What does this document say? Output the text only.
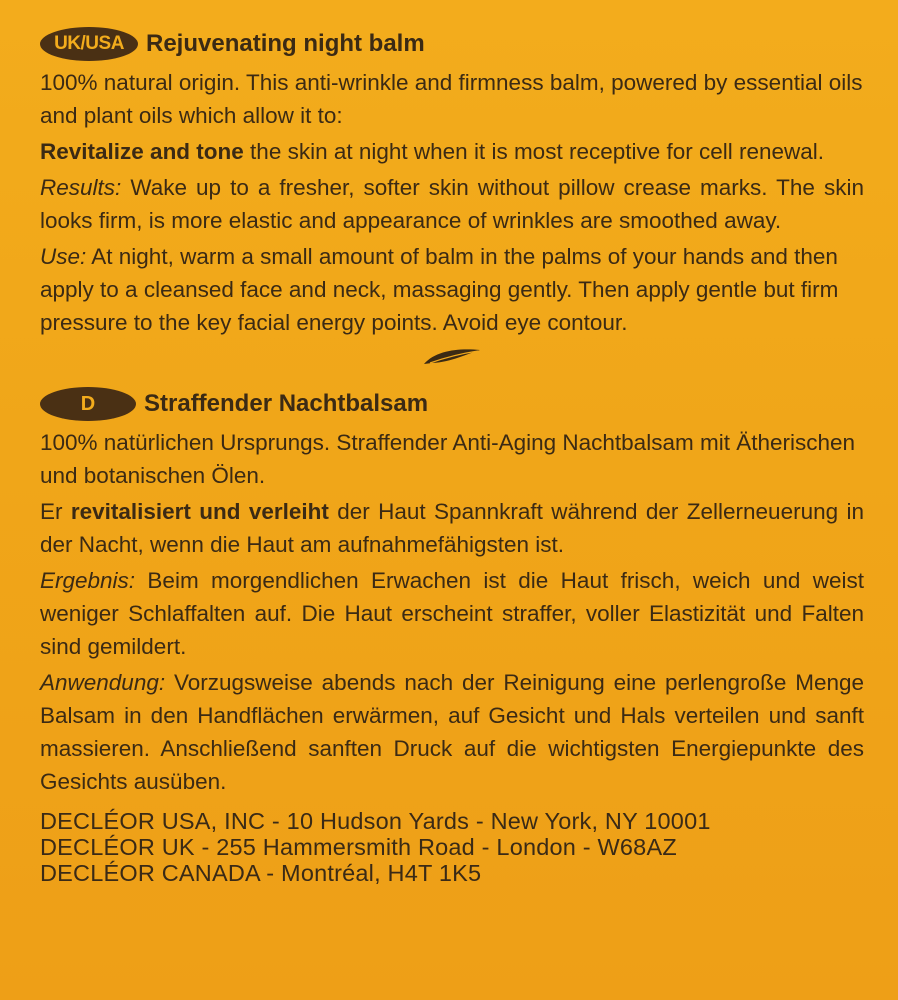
UK/USA Rejuvenating night balm

100% natural origin. This anti-wrinkle and firmness balm, powered by essential oils and plant oils which allow it to:

Revitalize and tone the skin at night when it is most receptive for cell renewal.

Results: Wake up to a fresher, softer skin without pillow crease marks. The skin looks firm, is more elastic and appearance of wrinkles are smoothed away.

Use: At night, warm a small amount of balm in the palms of your hands and then apply to a cleansed face and neck, massaging gently. Then apply gentle but firm pressure to the key facial energy points. Avoid eye contour.

D	Straffender Nachtbalsam

100% natürlichen Ursprungs. Straffender Anti-Aging Nachtbalsam mit Ätherischen und botanischen Ölen.

Er revitalisiert und verleiht der Haut Spannkraft während der Zellerneuerung in der Nacht, wenn die Haut am aufnahmefähigsten ist.

Ergebnis: Beim morgendlichen Erwachen ist die Haut frisch, weich und weist weniger Schlaffalten auf. Die Haut erscheint straffer, voller Elastizität und Falten sind gemildert.

Anwendung: Vorzugsweise abends nach der Reinigung eine perlengroße Menge Balsam in den Handflächen erwärmen, auf Gesicht und Hals verteilen und sanft massieren. Anschließend sanften Druck auf die wichtigsten Energiepunkte des Gesichts ausüben.

DECLÉOR USA, INC - 10 Hudson Yards - New York, NY 10001
DECLÉOR UK - 255 Hammersmith Road - London - W68AZ
DECLÉOR CANADA - Montréal, H4T 1K5
